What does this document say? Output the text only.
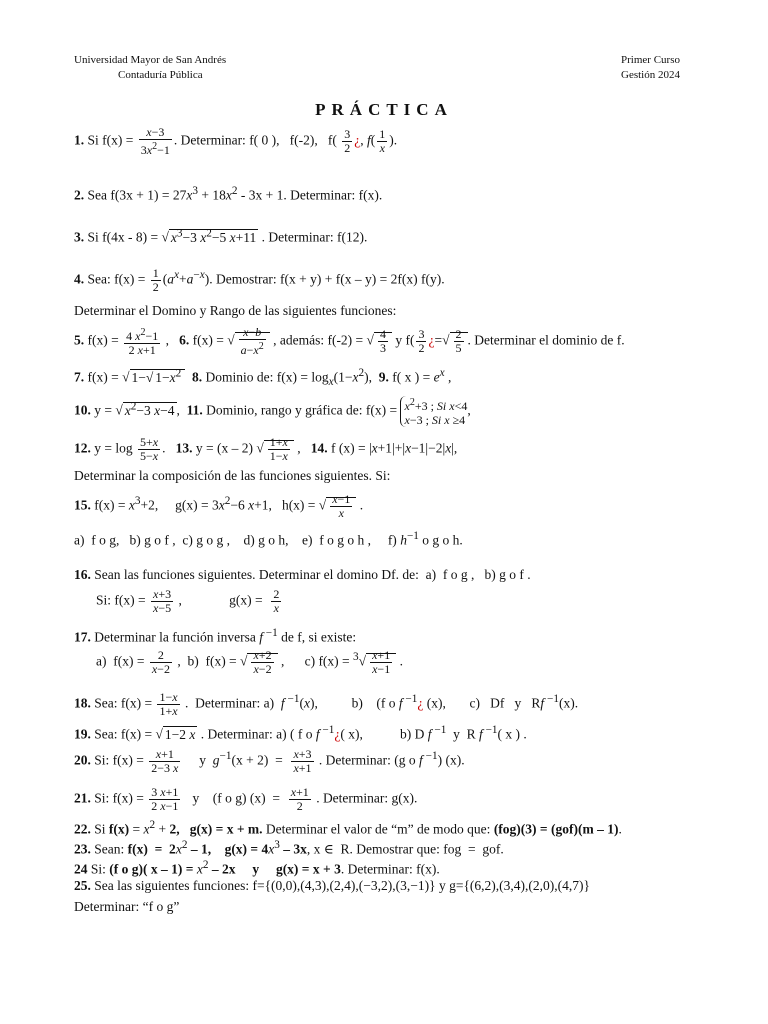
Universidad Mayor de San Andrés
Contaduría Pública
Primer Curso
Gestión 2024
PRÁCTICA
1. Si $f(x) = \frac{x-3}{3x^2-1}$ . Determinar: f( 0 ),   f(-2),   $f( \frac{3}{2}$ ¿, $f( \frac{1}{x}$ ).
2. Sea $f(3x + 1) = 27x^3 + 18x^2 - 3x + 1$. Determinar: f(x).
3. Si f(4x - 8) = √ $x^3-3$ $x^2-5$ x+11 . Determinar: f(12).
4. Sea: $f(x) = \frac{1}{2} (a^x+a^{-x})$. Demostrar: f(x + y) + f(x – y) = 2f(x) f(y).
Determinar el Domino y Rango de las siguientes funciones:
5. $f(x) = \frac{4 x^2-1}{2 x+1}$ ,   6. f(x) = √ $\frac{x-b}{a-x^2}$ , además: f(-2) = √ $\frac{4}{3}$ y $f( \frac{3}{2}$ ¿=√ $\frac{2}{5}$ . Determinar el dominio de f.
7. f(x) = √ 1−√ $1-x^2$ 8. Dominio de: $f(x) = \log_x(1-x^2)$,  9. f( x ) = $e^x$ ,
10. y = √ $x^2-3$ x−4 ,  11. Dominio, rango y gráfica de: $f(x) = x^2+3$ ; Si x<4
x−3 ; Si x ≥4,
12. $y = \log \frac{5+x}{5-x}$ .   13. y = (x – 2) √ $\frac{1+x}{1-x}$ ,   14. f (x) = |x+1|+|x−1|−2|x|,
Determinar la composición de las funciones siguientes. Si:
15. $f(x) = x^3+2$,     $g(x) = 3x^2-6$ x+1,   h(x) = √ $\frac{x-1}{x}$ .
a)  f o g,   b) g o f ,  c) g o g ,    d) g o h,    e)  f o g o h ,     f) $h^{-1}$ o g o h.
16. Sean las funciones siguientes. Determinar el domino Df. de:  a)  f o g ,   b) g o f .
Si: $f(x) = \frac{x+3}{x-5}$ ,              $g(x) = \frac{2}{x}$
17. Determinar la función inversa f $^{-1}$ de f, si existe:
a)  $f(x) = \frac{2}{x-2}$ ,  b)  f(x) = √ $\frac{x+2}{x-2}$ ,      c) $f(x) = ^3√ \frac{x+1}{x-1}$ .
18. Sea: $f(x) = \frac{1-x}{1+x}$ .  Determinar: a)  f $^{-1}$(x),          b)    (f o f $^{-1}$¿ (x),       c)   Df   y   Rf $^{-1}$(x).
19. Sea: f(x) = √ 1−2 x . Determinar: a) ( f o f $^{-1}$¿( x),           b) D f $^{-1}$  y  R f $^{-1}$( x ) .
20. Si: $f(x) = \frac{x+1}{2-3 x}$ y  $g^{-1}(x + 2) = \frac{x+3}{x+1}$ . Determinar: (g o f $^{-1}$) (x).
21. Si: $f(x) = \frac{3 x+1}{2 x-1}$ y    (f o g) $(x) = \frac{x+1}{2}$ . Determinar: g(x).
22. Si $f(x) = x^2 + 2$,   g(x) = x + m. Determinar el valor de “m” de modo que: (fog)(3) = (gof)(m – 1).
23. Sean: $f(x) = 2x^2 - 1$,    $g(x) = 4x^3 - 3x$, x ∈  R. Demostrar que: fog  =  gof.
24 Si: (f o g)( $x - 1) = x^2 - 2x$     y     g(x) = x + 3. Determinar: f(x).
25. Sea las siguientes funciones: f={(0,0),(4,3),(2,4),(−3,2),(3,−1)} y g={(6,2),(3,4),(2,0),(4,7)}
Determinar: “f o g”
